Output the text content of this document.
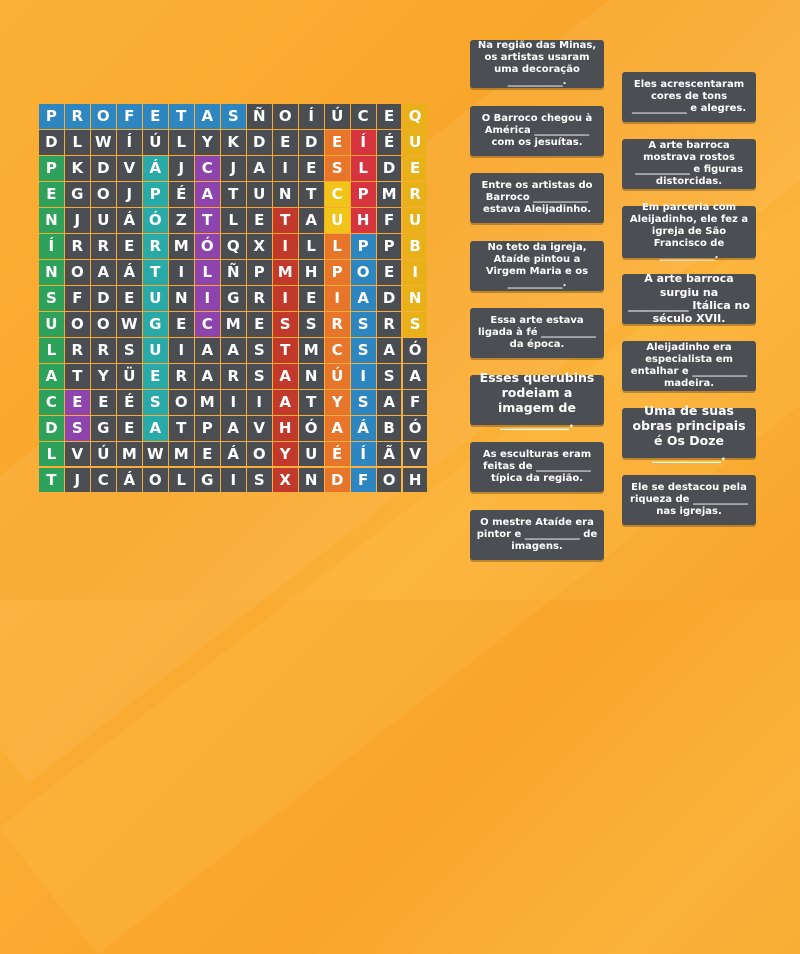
P R O F	E	T	A S Ñ O	Í	Ú C	E Q
D L W Í	Ú	L	Y K D E D E	Í	É U
P K D V Á	J	C	J	A	I	E	S	L D E
E G O	J	P	É	A	T U N T	C P M R
N	J	U Á Ó Z	T	L	E	T	A U H F U
Í	R R	E	R M Ó Q X	I	L	L	P P B
N O A Á	T	I	L Ñ P M H P O E	I
S	F D E U N	I	G R	I	E	I	A D N
U O O W G E	C M E	S	S R S R S
L	R R S U	I	A A S	T M C	S A Ó
A	T	Y Ü E	R A R S A N Ú	I	S A
C	E	E	É	S O M	I	I	A	T	Y	S A	F
D S G E	A	T	P A V H Ó A Á B Ó
L	V Ú M W M E	Á O Y U É	Í	Ã V
T	J	C Á O L	G	I	S X N D F O H
Na região das Minas, os artistas usaram uma decoração ___________.
O Barroco chegou à América ___________ com os jesuítas.
Entre os artistas do Barroco ___________ estava Aleijadinho.
No teto da igreja, Ataíde pintou a Virgem Maria e os ___________.
Essa arte estava ligada à fé ___________ da época.
Esses querubins rodeiam a imagem de ___________.
As esculturas eram feitas de ___________ típica da região.
O mestre Ataíde era pintor e ___________ de imagens.
Eles acrescentaram cores de tons ___________ e alegres.
A arte barroca mostrava rostos ___________ e figuras distorcidas.
Em parceria com Aleijadinho, ele fez a igreja de São Francisco de ___________.
A arte barroca surgiu na ___________ Itálica no século XVII.
Aleijadinho era especialista em entalhar e ___________ madeira.
Uma de suas obras principais é Os Doze ___________.
Ele se destacou pela riqueza de ___________ nas igrejas.
